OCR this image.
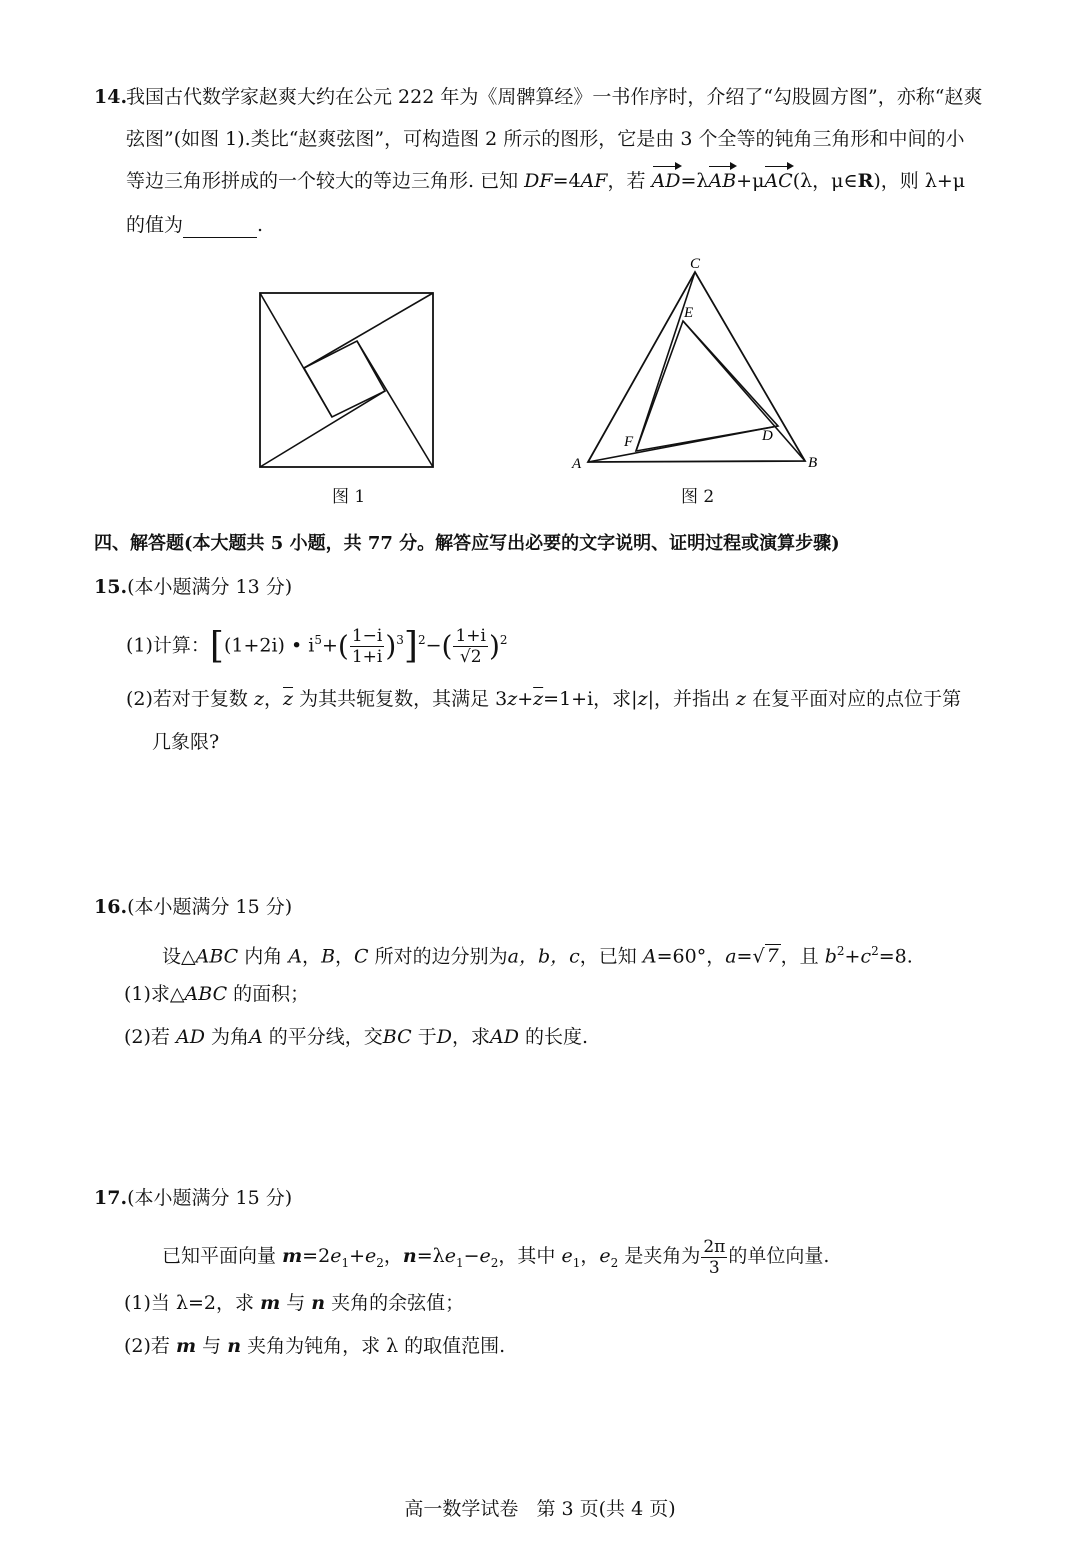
14.
我国古代数学家赵爽大约在公元 222 年为《周髀算经》一书作序时，介绍了“勾股圆方图”，亦称“赵爽
弦图”(如图 1).类比“赵爽弦图”，可构造图 2 所示的图形，它是由 3 个全等的钝角三角形和中间的小
等边三角形拼成的一个较大的等边三角形. 已知 DF=4AF，若 AD=λAB+μAC(λ，μ∈R)，则 λ+μ
的值为	.
图 1
C
E
F	D
A	B
图 2
四、解答题(本大题共 5 小题，共 77 分。解答应写出必要的文字说明、证明过程或演算步骤)
15.(本小题满分 13 分)
(1)计算：[(1+2i) • $i^5+( \frac{1-i}{1+i} )^3]^2-( \frac{1+i}{√2} )^2$
(2)若对于复数 z，$\overline{z}$ 为其共轭复数，其满足 $3z+\overline{z}=1+i$，求|z|，并指出 z 在复平面对应的点位于第
几象限?
16.(本小题满分 15 分)
设△ABC 内角 A，B，C 所对的边分别为a，b，c，已知 A=60°，a=√ 7 ，且 $b^2+c^2=8$.
(1)求△ABC 的面积；
(2)若 AD 为角A 的平分线，交BC 于D，求AD 的长度.
17.(本小题满分 15 分)
已知平面向量 $m=2e_1+e_2$，$n=\lambda e_1-e_2$，其中 $e_1$，$e_2$ 是夹角为 $\frac{2\pi}{3}$ 的单位向量.
(1)当 λ=2，求 m 与 n 夹角的余弦值；
(2)若 m 与 n 夹角为钝角，求 λ 的取值范围.
高一数学试卷   第 3 页(共 4 页)
